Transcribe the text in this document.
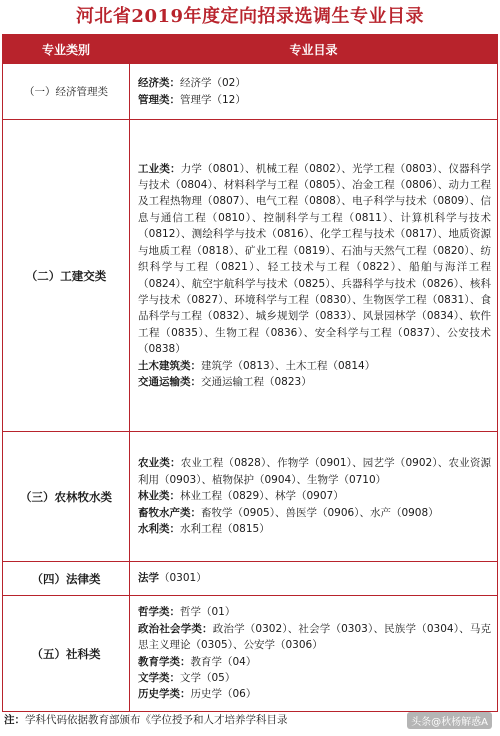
河北省2019年度定向招录选调生专业目录
专业类别	专业目录
（一）经济管理类	经济类：经济学（02）
管理类：管理学（12）

（二）工建交类	工业类：力学（0801）、机械工程（0802）、光学工程（0803）、仪器科学与技术（0804）、材料科学与工程（0805）、冶金工程（0806）、动力工程及工程热物理（0807）、电气工程（0808）、电子科学与技术（0809）、信息与通信工程（0810）、控制科学与工程（0811）、计算机科学与技术（0812）、测绘科学与技术（0816）、化学工程与技术（0817）、地质资源与地质工程（0818）、矿业工程（0819）、石油与天然气工程（0820）、纺织科学与工程（0821）、轻工技术与工程（0822）、船舶与海洋工程（0824）、航空宇航科学与技术（0825）、兵器科学与技术（0826）、核科学与技术（0827）、环境科学与工程（0830）、生物医学工程（0831）、食品科学与工程（0832）、城乡规划学（0833）、风景园林学（0834）、软件工程（0835）、生物工程（0836）、安全科学与工程（0837）、公安技术（0838）
土木建筑类：建筑学（0813）、土木工程（0814）
交通运输类：交通运输工程（0823）

（三）农林牧水类	农业类：农业工程（0828）、作物学（0901）、园艺学（0902）、农业资源利用（0903）、植物保护（0904）、生物学（0710）
林业类：林业工程（0829）、林学（0907）
畜牧水产类：畜牧学（0905）、兽医学（0906）、水产（0908）
水利类：水利工程（0815）

（四）法律类	法学（0301）

（五）社科类	哲学类：哲学（01）
政治社会学类：政治学（0302）、社会学（0303）、民族学（0304）、马克思主义理论（0305）、公安学（0306）
教育学类：教育学（04）
文学类：文学（05）
历史学类：历史学（06）
注：学科代码依据教育部颁布《学位授予和人才培养学科目录	头条@秋杨解惑A
